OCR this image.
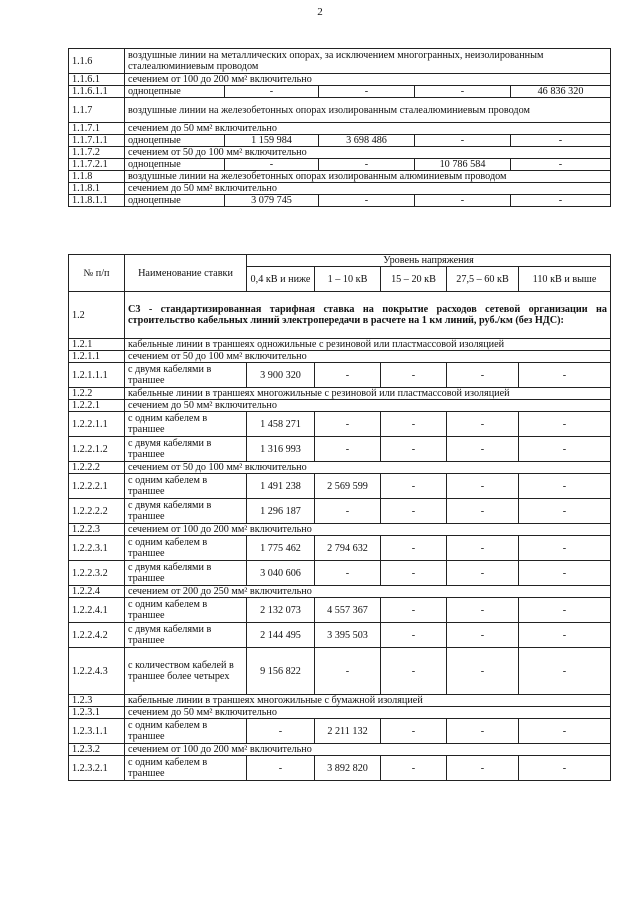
2
1.1.6	воздушные линии на металлических опорах, за исключением многогранных, неизолированным сталеалюминиевым проводом				
1.1.6.1	сечением от 100 до 200 мм² включительно				
1.1.6.1.1	одноцепные	-	-	-	46 836 320
1.1.7	воздушные линии на железобетонных опорах изолированным сталеалюминиевым проводом				
1.1.7.1	сечением до 50 мм² включительно				
1.1.7.1.1	одноцепные	1 159 984	3 698 486	-	-
1.1.7.2	сечением от 50 до 100 мм² включительно				
1.1.7.2.1	одноцепные	-	-	10 786 584	-
1.1.8	воздушные линии на железобетонных опорах изолированным алюминиевым проводом				
1.1.8.1	сечением до 50 мм² включительно				
1.1.8.1.1	одноцепные	3 079 745	-	-	-
№ п/п	Наименование ставки	Уровень напряжения				
		0,4 кВ и ниже	1 – 10 кВ	15 – 20 кВ	27,5 – 60 кВ	110 кВ и выше
1.2	С3 - стандартизированная тарифная ставка на покрытие расходов сетевой организации на строительство кабельных линий электропередачи в расчете на 1 км линий, руб./км (без НДС):					
1.2.1	кабельные линии в траншеях одножильные с резиновой или пластмассовой изоляцией					
1.2.1.1	сечением от 50 до 100 мм² включительно					
1.2.1.1.1	с двумя кабелями в траншее	3 900 320	-	-	-	-
1.2.2	кабельные линии в траншеях многожильные с резиновой или пластмассовой изоляцией					
1.2.2.1	сечением до 50 мм² включительно					
1.2.2.1.1	с одним кабелем в траншее	1 458 271	-	-	-	-
1.2.2.1.2	с двумя кабелями в траншее	1 316 993	-	-	-	-
1.2.2.2	сечением от 50 до 100 мм² включительно					
1.2.2.2.1	с одним кабелем в траншее	1 491 238	2 569 599	-	-	-
1.2.2.2.2	с двумя кабелями в траншее	1 296 187	-	-	-	-
1.2.2.3	сечением от 100 до 200 мм² включительно					
1.2.2.3.1	с одним кабелем в траншее	1 775 462	2 794 632	-	-	-
1.2.2.3.2	с двумя кабелями в траншее	3 040 606	-	-	-	-
1.2.2.4	сечением от 200 до 250 мм² включительно					
1.2.2.4.1	с одним кабелем в траншее	2 132 073	4 557 367	-	-	-
1.2.2.4.2	с двумя кабелями в траншее	2 144 495	3 395 503	-	-	-
1.2.2.4.3	с количеством кабелей в траншее более четырех	9 156 822	-	-	-	-
1.2.3	кабельные линии в траншеях многожильные с бумажной изоляцией					
1.2.3.1	сечением до 50 мм² включительно					
1.2.3.1.1	с одним кабелем в траншее	-	2 211 132	-	-	-
1.2.3.2	сечением от 100 до 200 мм² включительно					
1.2.3.2.1	с одним кабелем в траншее	-	3 892 820	-	-	-
